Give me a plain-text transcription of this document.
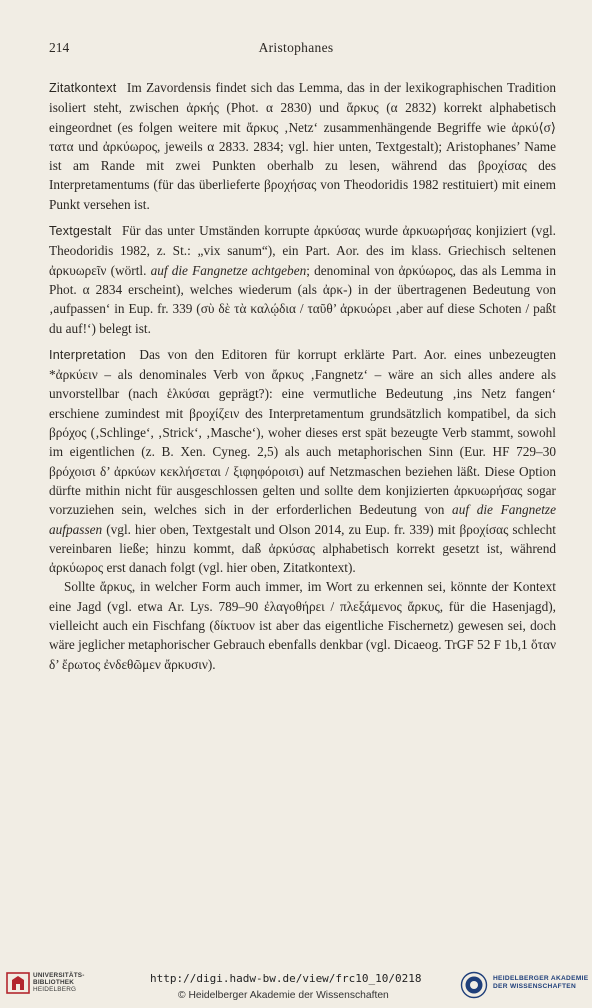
214	Aristophanes

Zitatkontext Im Zavordensis findet sich das Lemma, das in der lexikographischen Tradition isoliert steht, zwischen ἀρκής (Phot. α 2830) und ἄρκυς (α 2832) korrekt alphabetisch eingeordnet (es folgen weitere mit ἄρκυς ‚Netz‘ zusammenhängende Begriffe wie ἀρκύ⟨σ⟩τατα und ἀρκύωρος, jeweils α 2833. 2834; vgl. hier unten, Textgestalt); Aristophanes’ Name ist am Rande mit zwei Punkten oberhalb zu lesen, während das βροχίσας des Interpretamentums (für das überlieferte βροχήσας von Theodoridis 1982 restituiert) mit einem Punkt versehen ist.

Textgestalt Für das unter Umständen korrupte ἀρκύσας wurde ἀρκυωρήσας konjiziert (vgl. Theodoridis 1982, z. St.: „vix sanum“), ein Part. Aor. des im klass. Griechisch seltenen ἀρκυωρεῖν (wörtl. auf die Fangnetze achtgeben; denominal von ἀρκύωρος, das als Lemma in Phot. α 2834 erscheint), welches wiederum (als ἀρκ-) in der übertragenen Bedeutung von ‚aufpassen‘ in Eup. fr. 339 (σὺ δὲ τὰ καλῴδια / ταῦθ’ ἀρκυώρει ‚aber auf diese Schoten / paßt du auf!‘) belegt ist.

Interpretation Das von den Editoren für korrupt erklärte Part. Aor. eines unbezeugten *ἀρκύειν – als denominales Verb von ἄρκυς ‚Fangnetz‘ – wäre an sich alles andere als unvorstellbar (nach ἑλκύσαι geprägt?): eine vermutliche Bedeutung ‚ins Netz fangen‘ erschiene zumindest mit βροχίζειν des Interpretamentum grundsätzlich kompatibel, da sich βρόχος (‚Schlinge‘, ‚Strick‘, ‚Masche‘), woher dieses erst spät bezeugte Verb stammt, sowohl im eigentlichen (z. B. Xen. Cyneg. 2,5) als auch metaphorischen Sinn (Eur. HF 729–30 βρόχοισι δ’ ἀρκύων κεκλήσεται / ξιφηφόροισι) auf Netzmaschen beziehen läßt. Diese Option dürfte mithin nicht für ausgeschlossen gelten und sollte dem konjizierten ἀρκυωρήσας sogar vorzuziehen sein, welches sich in der erforderlichen Bedeutung von auf die Fangnetze aufpassen (vgl. hier oben, Textgestalt und Olson 2014, zu Eup. fr. 339) mit βροχίσας schlecht vereinbaren ließe; hinzu kommt, daß ἀρκύσας alphabetisch korrekt gesetzt ist, während ἀρκύωρος erst danach folgt (vgl. hier oben, Zitatkontext).

Sollte ἄρκυς, in welcher Form auch immer, im Wort zu erkennen sei, könnte der Kontext eine Jagd (vgl. etwa Ar. Lys. 789–90 ἐλαγοθήρει / πλεξάμενος ἄρκυς, für die Hasenjagd), vielleicht auch ein Fischfang (δίκτυον ist aber das eigentliche Fischernetz) gewesen sei, doch wäre jeglicher metaphorischer Gebrauch ebenfalls denkbar (vgl. Dicaeog. TrGF 52 F 1b,1 ὅταν δ’ ἔρωτος ἐνδεθῶμεν ἄρκυσιν).

UNIVERSITÄTS-
BIBLIOTHEK
HEIDELBERG
http://digi.hadw-bw.de/view/frc10_10/0218
© Heidelberger Akademie der Wissenschaften
HEIDELBERGER AKADEMIE
DER WISSENSCHAFTEN
